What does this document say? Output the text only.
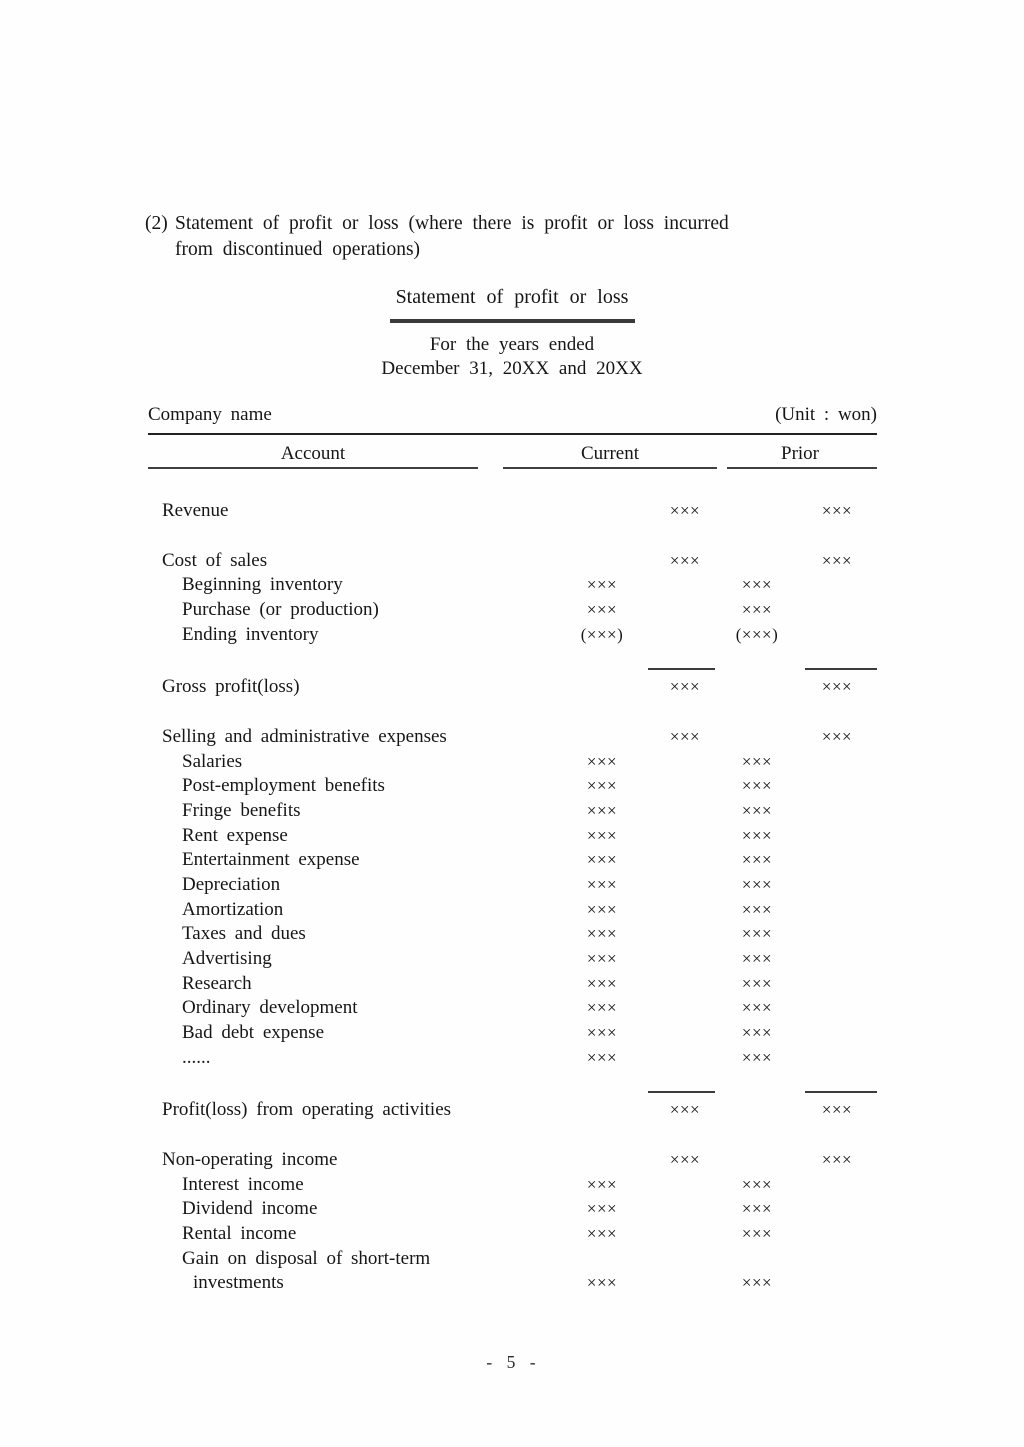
(2) Statement of profit or loss (where there is profit or loss incurred
from discontinued operations)
Statement of profit or loss
For the years ended
December 31, 20XX and 20XX
Company name	(Unit : won)
Account	Current	Prior
Revenue	×××	×××
Cost of sales	×××	×××
Beginning inventory	×××	×××
Purchase (or production)	×××	×××
Ending inventory	(×××)	(×××)
Gross profit(loss)	×××	×××
Selling and administrative expenses	×××	×××
Salaries	×××	×××
Post-employment benefits	×××	×××
Fringe benefits	×××	×××
Rent expense	×××	×××
Entertainment expense	×××	×××
Depreciation	×××	×××
Amortization	×××	×××
Taxes and dues	×××	×××
Advertising	×××	×××
Research	×××	×××
Ordinary development	×××	×××
Bad debt expense	×××	×××
......	×××	×××
Profit(loss) from operating activities	×××	×××
Non-operating income	×××	×××
Interest income	×××	×××
Dividend income	×××	×××
Rental income	×××	×××
Gain on disposal of short-term
investments	×××	×××
- 5 -
